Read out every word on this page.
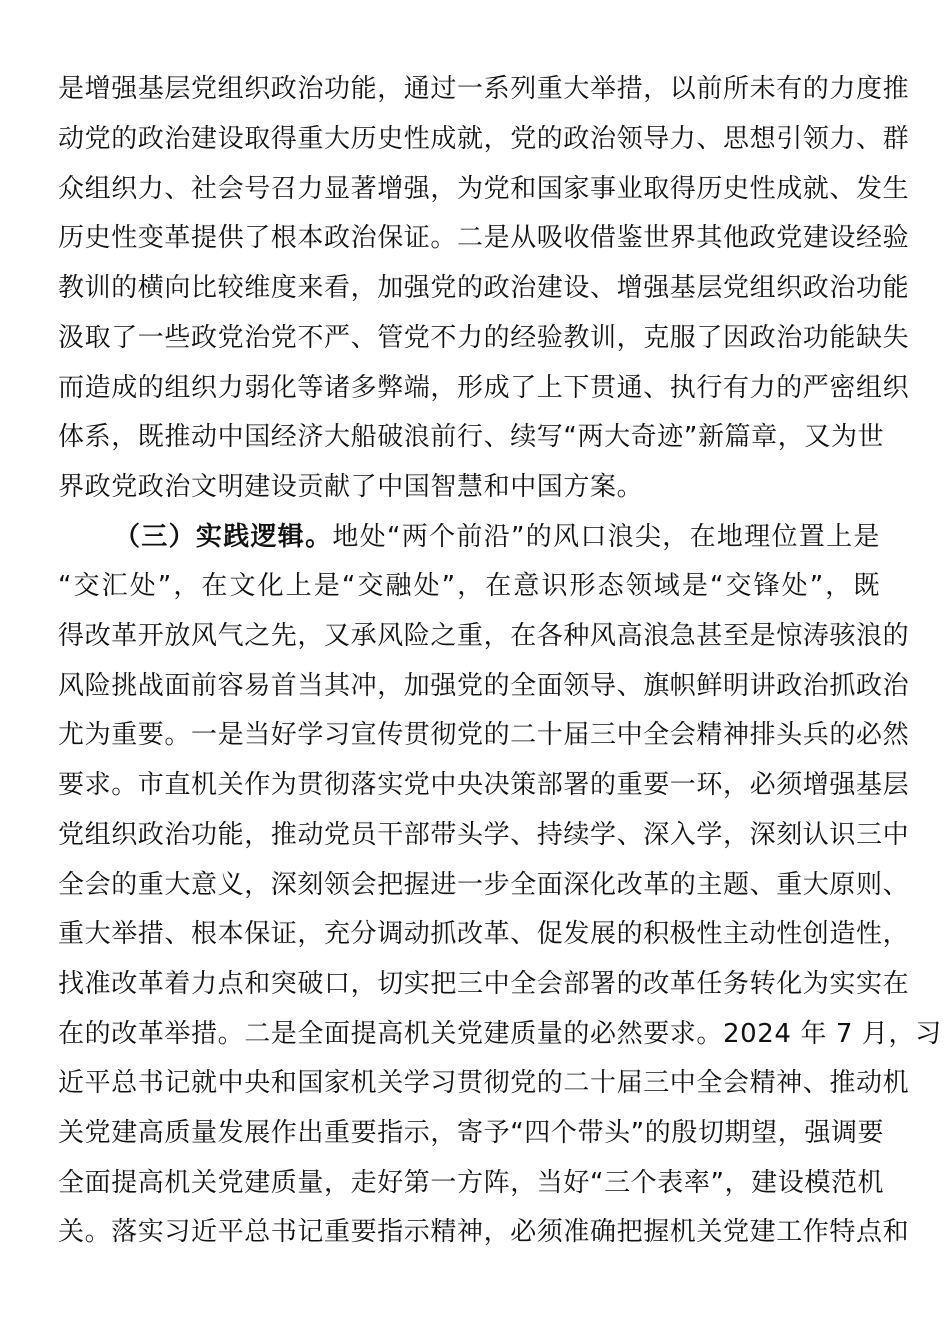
是增强基层党组织政治功能，通过一系列重大举措，以前所未有的力度推
动党的政治建设取得重大历史性成就，党的政治领导力、思想引领力、群
众组织力、社会号召力显著增强，为党和国家事业取得历史性成就、发生
历史性变革提供了根本政治保证。二是从吸收借鉴世界其他政党建设经验
教训的横向比较维度来看，加强党的政治建设、增强基层党组织政治功能
汲取了一些政党治党不严、管党不力的经验教训，克服了因政治功能缺失
而造成的组织力弱化等诸多弊端，形成了上下贯通、执行有力的严密组织
体系，既推动中国经济大船破浪前行、续写“两大奇迹”新篇章，又为世
界政党政治文明建设贡献了中国智慧和中国方案。
（三）实践逻辑。地处“两个前沿”的风口浪尖，在地理位置上是
“交汇处”，在文化上是“交融处”，在意识形态领域是“交锋处”，既
得改革开放风气之先，又承风险之重，在各种风高浪急甚至是惊涛骇浪的
风险挑战面前容易首当其冲，加强党的全面领导、旗帜鲜明讲政治抓政治
尤为重要。一是当好学习宣传贯彻党的二十届三中全会精神排头兵的必然
要求。市直机关作为贯彻落实党中央决策部署的重要一环，必须增强基层
党组织政治功能，推动党员干部带头学、持续学、深入学，深刻认识三中
全会的重大意义，深刻领会把握进一步全面深化改革的主题、重大原则、
重大举措、根本保证，充分调动抓改革、促发展的积极性主动性创造性，
找准改革着力点和突破口，切实把三中全会部署的改革任务转化为实实在
在的改革举措。二是全面提高机关党建质量的必然要求。2024 年 7 月，习
近平总书记就中央和国家机关学习贯彻党的二十届三中全会精神、推动机
关党建高质量发展作出重要指示，寄予“四个带头”的殷切期望，强调要
全面提高机关党建质量，走好第一方阵，当好“三个表率”，建设模范机
关。落实习近平总书记重要指示精神，必须准确把握机关党建工作特点和
